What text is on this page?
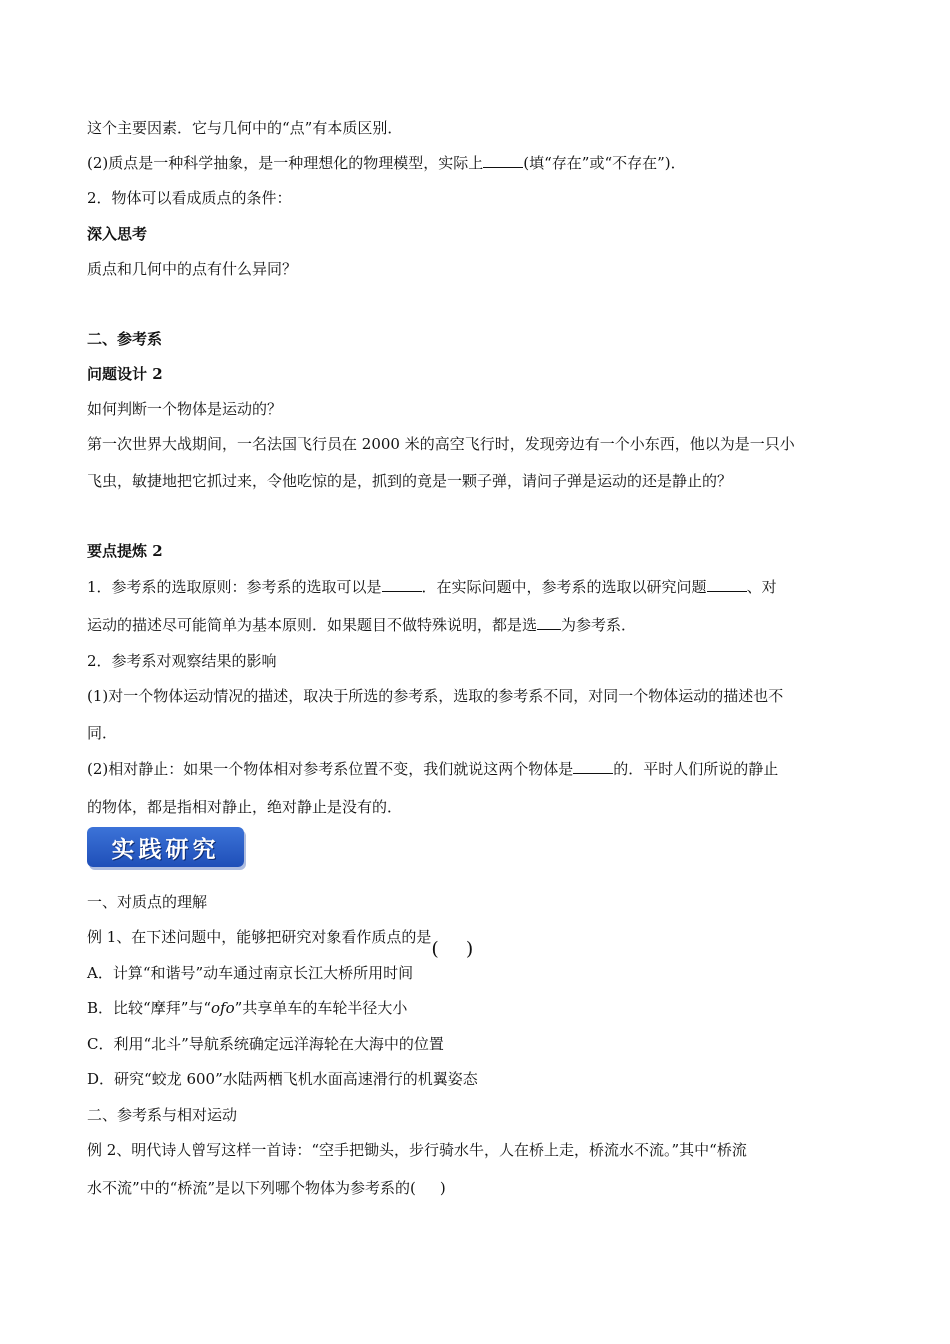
这个主要因素．它与几何中的“点”有本质区别．
(2)质点是一种科学抽象，是一种理想化的物理模型，实际上	(填“存在”或“不存在”)．
2．物体可以看成质点的条件：
深入思考
质点和几何中的点有什么异同？
二、参考系
问题设计 2
如何判断一个物体是运动的？
第一次世界大战期间，一名法国飞行员在 2000 米的高空飞行时，发现旁边有一个小东西，他以为是一只小
飞虫，敏捷地把它抓过来，令他吃惊的是，抓到的竟是一颗子弹，请问子弹是运动的还是静止的？
要点提炼 2
1．参考系的选取原则：参考系的选取可以是	．在实际问题中，参考系的选取以研究问题	、对
运动的描述尽可能简单为基本原则．如果题目不做特殊说明，都是选 为参考系．
2．参考系对观察结果的影响
(1)对一个物体运动情况的描述，取决于所选的参考系，选取的参考系不同，对同一个物体运动的描述也不
同．
(2)相对静止：如果一个物体相对参考系位置不变，我们就说这两个物体是	的．平时人们所说的静止
的物体，都是指相对静止，绝对静止是没有的．
实践研究
一、对质点的理解
例 1、在下述问题中，能够把研究对象看作质点的是
( )
A．计算“和谐号”动车通过南京长江大桥所用时间
B．比较“摩拜”与“ofo”共享单车的车轮半径大小
C．利用“北斗”导航系统确定远洋海轮在大海中的位置
D．研究“蛟龙 600”水陆两栖飞机水面高速滑行的机翼姿态
二、参考系与相对运动
例 2、明代诗人曾写这样一首诗：“空手把锄头，步行骑水牛，人在桥上走，桥流水不流。”其中“桥流
水不流”中的“桥流”是以下列哪个物体为参考系的( )
